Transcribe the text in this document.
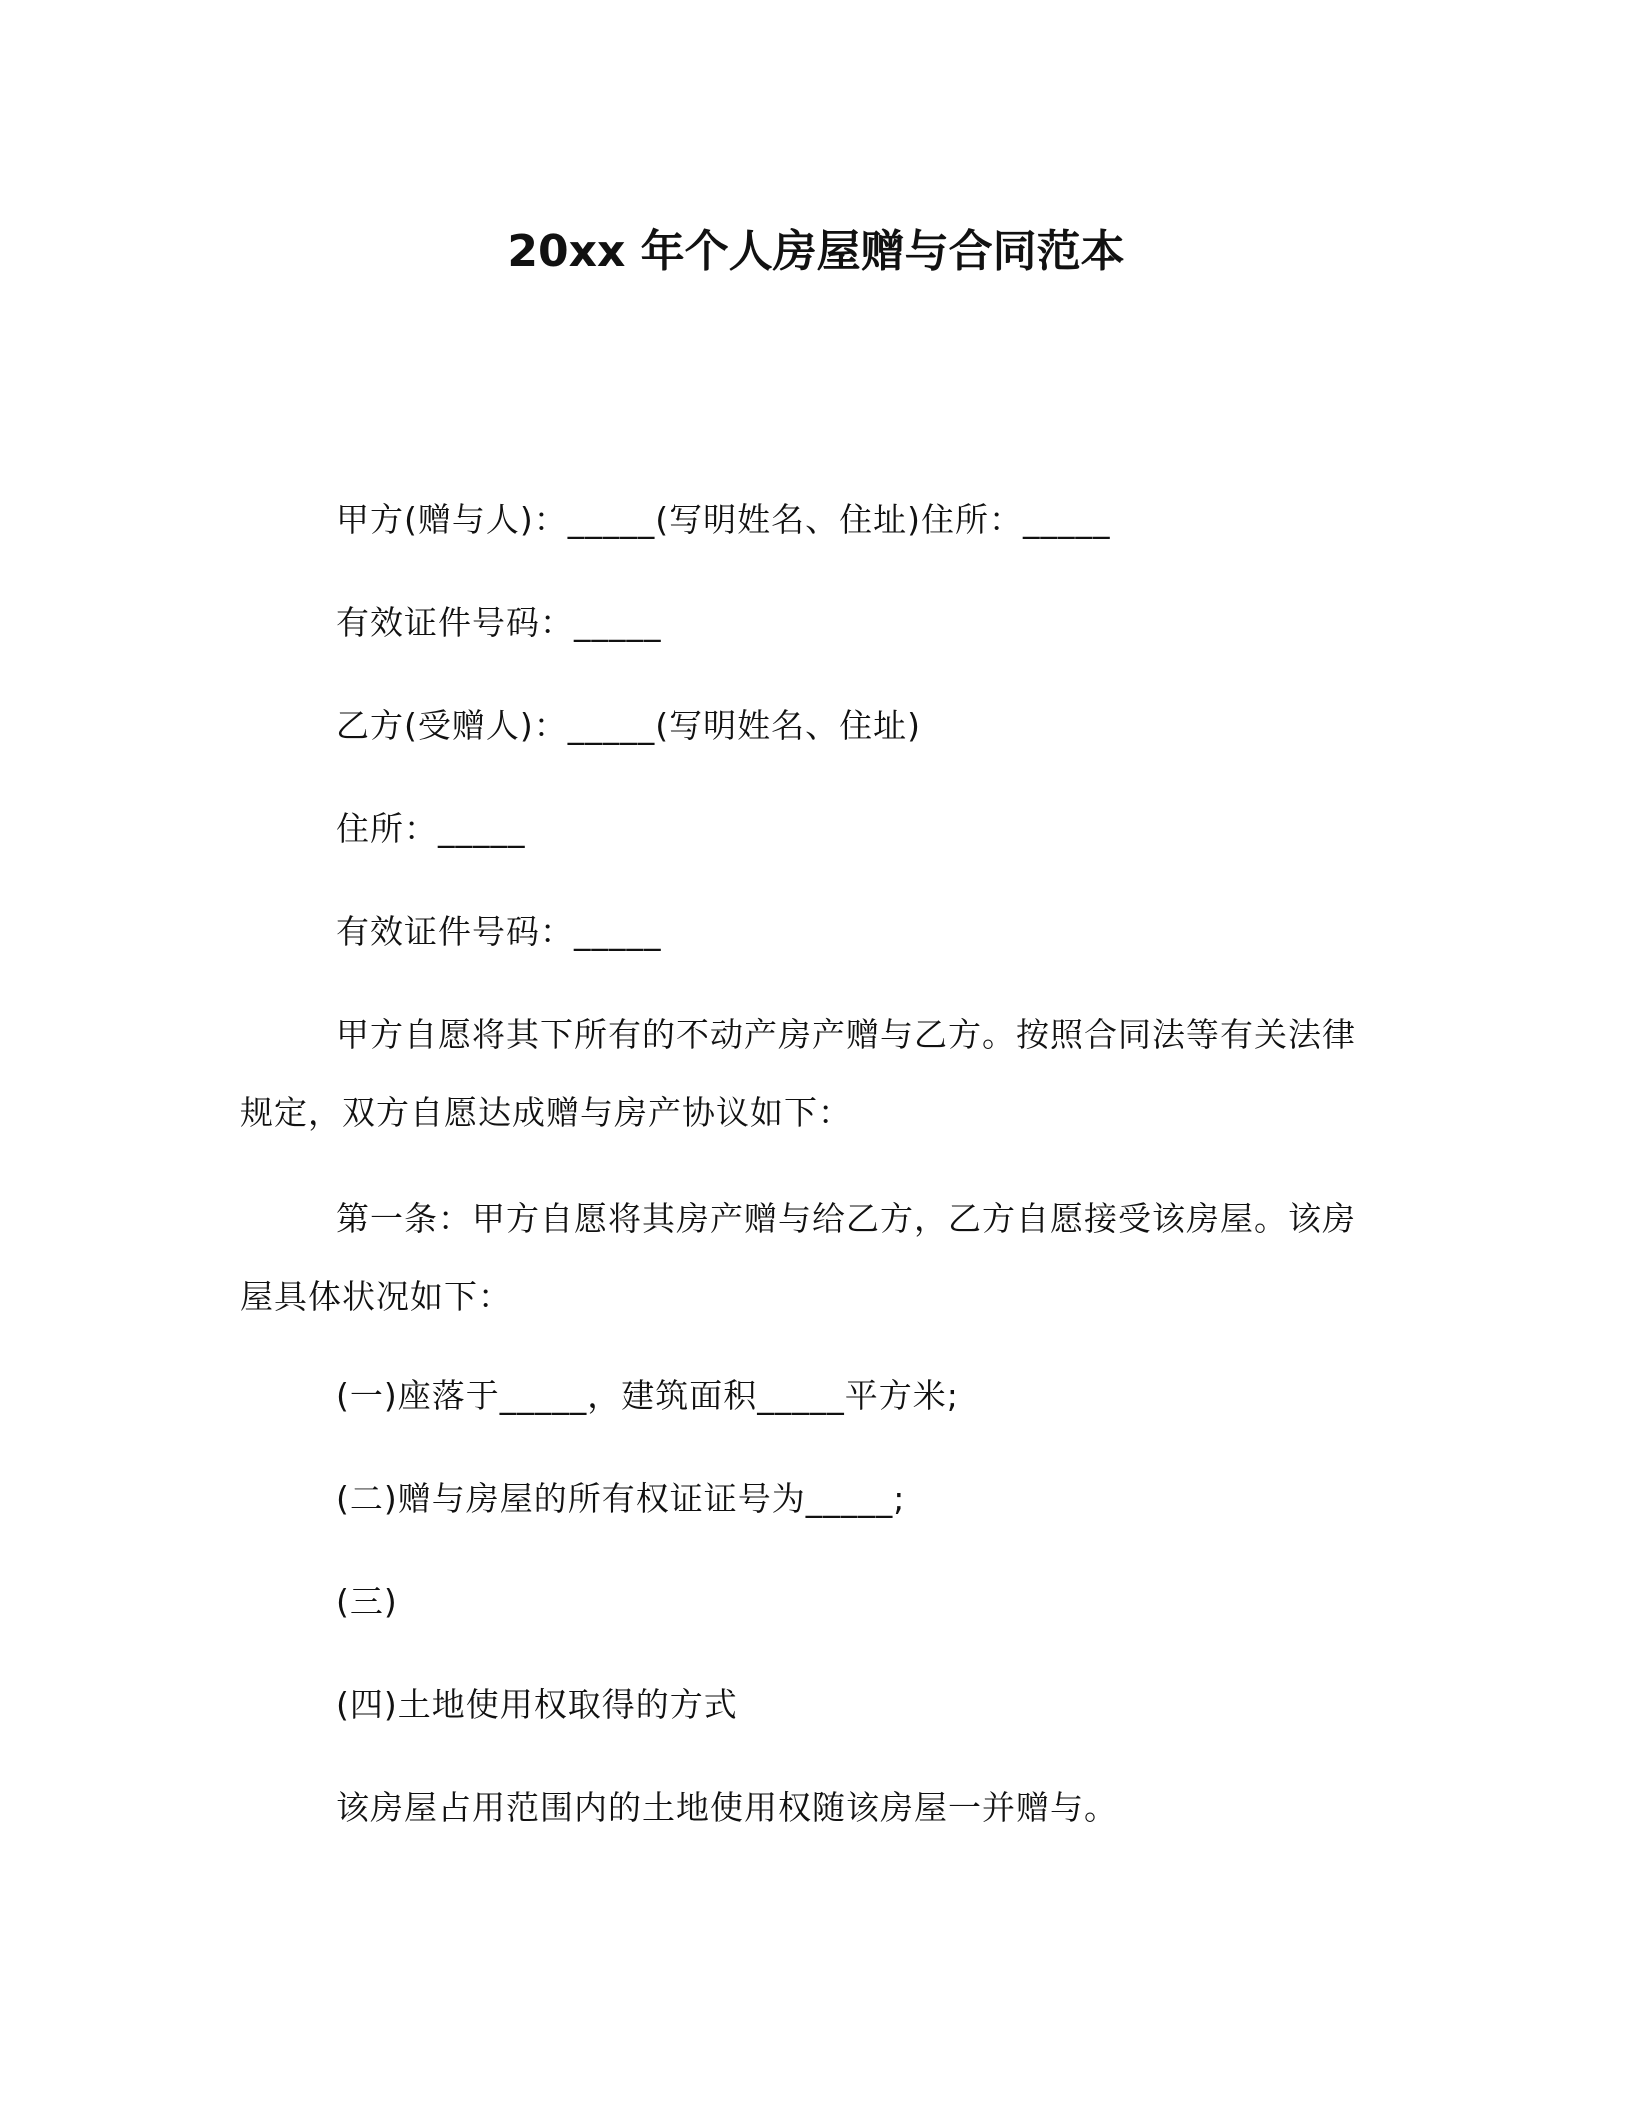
20xx 年个人房屋赠与合同范本
甲方(赠与人)：_____(写明姓名、住址)住所：_____
有效证件号码：_____
乙方(受赠人)：_____(写明姓名、住址)
住所：_____
有效证件号码：_____
甲方自愿将其下所有的不动产房产赠与乙方。按照合同法等有关法律规定，双方自愿达成赠与房产协议如下：
第一条：甲方自愿将其房产赠与给乙方，乙方自愿接受该房屋。该房屋具体状况如下：
(一)座落于_____，建筑面积_____平方米;
(二)赠与房屋的所有权证证号为_____;
(三)
(四)土地使用权取得的方式
该房屋占用范围内的土地使用权随该房屋一并赠与。
